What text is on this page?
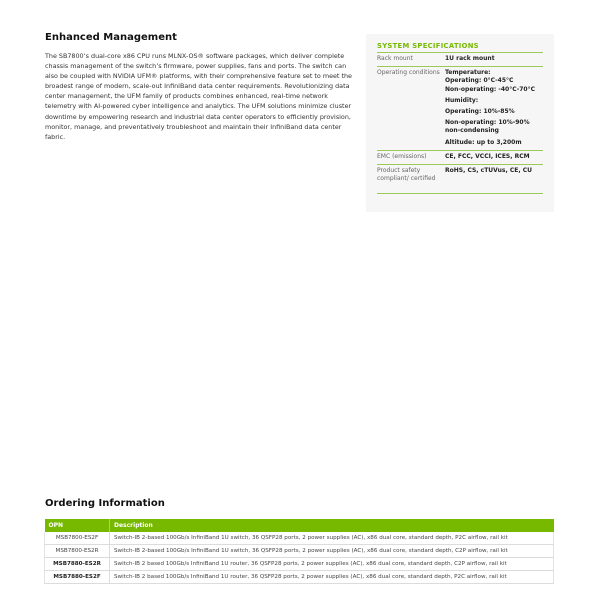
Enhanced Management

The SB7800’s dual-core x86 CPU runs MLNX-OS® software packages, which deliver complete chassis management of the switch’s firmware, power supplies, fans and ports. The switch can also be coupled with NVIDIA UFM® platforms, with their comprehensive feature set to meet the broadest range of modern, scale-out InfiniBand data center requirements. Revolutionizing data center management, the UFM family of products combines enhanced, real-time network telemetry with AI-powered cyber intelligence and analytics. The UFM solutions minimize cluster downtime by empowering research and industrial data center operators to efficiently provision, monitor, manage, and preventatively troubleshoot and maintain their InfiniBand data center fabric.

SYSTEM SPECIFICATIONS
Rack mount	1U rack mount

Operating conditions	Temperature:
Operating: 0°C-45°C
Non-operating: -40°C-70°C
Humidity:
Operating: 10%-85%
Non-operating: 10%-90% non-condensing
Altitude: up to 3,200m

EMC (emissions)	CE, FCC, VCCI, ICES, RCM

Product safety compliant/ certified	RoHS, CS, cTUVus, CE, CU
Ordering Information
OPN	Description
MSB7800-ES2F	Switch-IB 2-based 100Gb/s InfiniBand 1U switch, 36 QSFP28 ports, 2 power supplies (AC), x86 dual core, standard depth, P2C airflow, rail kit
MSB7800-ES2R	Switch-IB 2-based 100Gb/s InfiniBand 1U switch, 36 QSFP28 ports, 2 power supplies (AC), x86 dual core, standard depth, C2P airflow, rail kit
MSB7880-ES2R	Switch-IB 2 based 100Gb/s InfiniBand 1U router, 36 QSFP28 ports, 2 power supplies (AC), x86 dual core, standard depth, C2P airflow, rail kit
MSB7880-ES2F	Switch-IB 2 based 100Gb/s InfiniBand 1U router, 36 QSFP28 ports, 2 power supplies (AC), x86 dual core, standard depth, P2C airflow, rail kit
